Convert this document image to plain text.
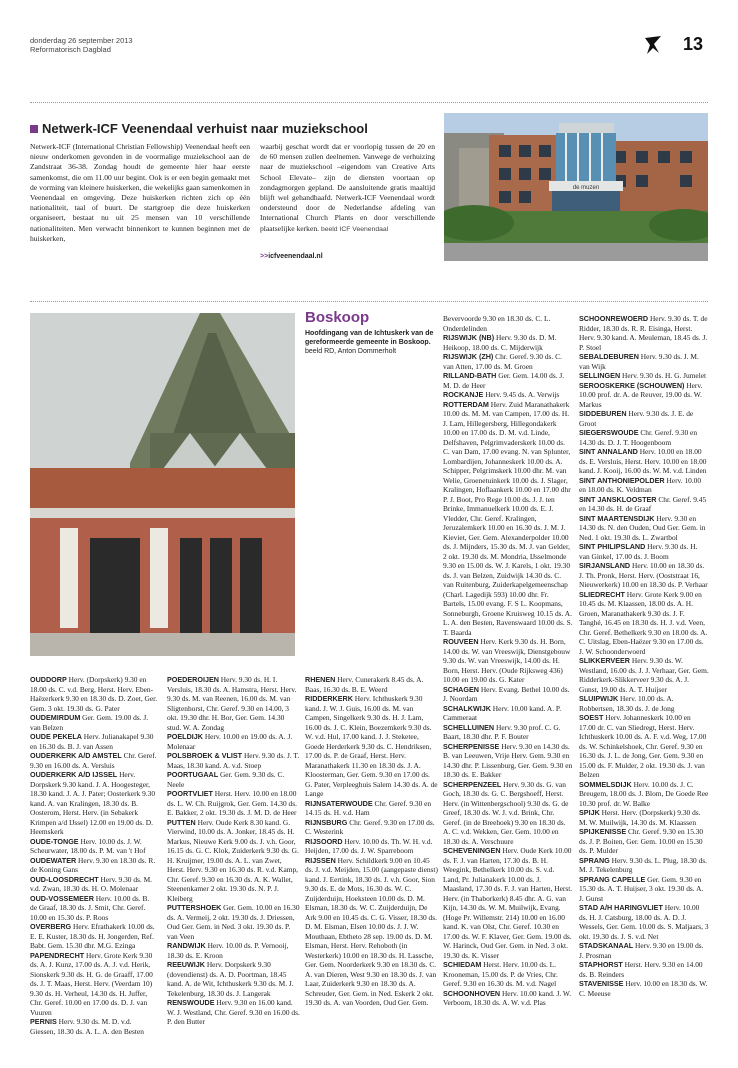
donderdag 26 september 2013
Reformatorisch Dagblad	13
Netwerk-ICF Veenendaal verhuist naar muziekschool
Netwerk-ICF (International Christian Fellowship) Veenendaal heeft een nieuw onderkomen gevonden in de voormalige muziekschool aan de Zandstraat 36-38. Zondag houdt de gemeente hier haar eerste samenkomst, die om 11.00 uur begint. Ook is er een begin gemaakt met de vorming van kleinere huiskerken, die wekelijks gaan samenkomen in Veenendaal en omgeving. Deze huiskerken richten zich op één nationaliteit, taal of buurt. De startgroep die deze huiskerken organiseert, bestaat nu uit 25 mensen van 10 verschillende nationaliteiten. Men verwacht binnenkort te kunnen beginnen met de huiskerken,
waarbij geschat wordt dat er voorlopig tussen de 20 en de 60 mensen zullen deelnemen. Vanwege de verhuizing naar de muziekschool –eigendom van Creative Arts School Elevate– zijn de diensten voortaan op zondagmorgen gepland. De aansluitende gratis maaltijd blijft wel gehandhaafd. Netwerk-ICF Veenendaal wordt ondersteund door de Nederlandse afdeling van International Church Plants en door verschillende plaatselijke kerken. beeld ICF Veenendaal
>>icfveenendaal.nl
de muzen
Boskoop
Hoofdingang van de Ichtuskerk van de gereformeerde gemeente in Boskoop. beeld RD, Anton Dommerholt

OUDDORP Herv. (Dorpskerk) 9.30 en 18.00 ds. C. v.d. Berg, Herst. Herv. Eben-Haëzerkerk 9.30 en 18.30 ds. D. Zoet, Ger. Gem. 3 okt. 19.30 ds. G. Pater

OUDEMIRDUM Ger. Gem. 19.00 ds. J. van Belzen

OUDE PEKELA Herv. Julianakapel 9.30 en 16.30 ds. B. J. van Assen

OUDERKERK A/D AMSTEL Chr. Geref. 9.30 en 16.00 ds. A. Versluis

OUDERKERK A/D IJSSEL Herv. Dorpskerk 9.30 kand. J. A. Hoogesteger, 18.30 kand. J. A. J. Pater; Oosterkerk 9.30 kand. A. van Kralingen, 18.30 ds. B. Oosterom, Herst. Herv. (in Sebakerk Krimpen a/d IJssel) 12.00 en 19.00 ds. D. Heemskerk

OUDE-TONGE Herv. 10.00 ds. J. W. Scheurwater, 18.00 ds. P. M. van 't Hof

OUDEWATER Herv. 9.30 en 18.30 ds. R. de Koning Gans

OUD-LOOSDRECHT Herv. 9.30 ds. M. v.d. Zwan, 18.30 ds. H. O. Molenaar

OUD-VOSSEMEER Herv. 10.00 ds. B. de Graaf, 18.30 ds. J. Smit, Chr. Geref. 10.00 en 15.30 ds. P. Roos

OVERBERG Herv. Efrathakerk 10.00 ds. E. E. Kuster, 18.30 ds. H. Jongerden, Ref. Babt. Gem. 15.30 dhr. M.G. Ezinga

PAPENDRECHT Herv. Grote Kerk 9.30 ds. A. J. Kunz, 17.00 ds. A. J. v.d. Herik, Sionskerk 9.30 ds. H. G. de Graaff, 17.00 ds. J. T. Maas, Herst. Herv. (Veerdam 10) 9.30 ds. H. Verheul, 14.30 ds. H. Juffer, Chr. Geref. 10.00 en 17.00 ds. D. J. van Vuuren

PERNIS Herv. 9.30 ds. M. D. v.d. Giessen, 18.30 ds. A. L. A. den Besten

POEDEROIJEN Herv. 9.30 ds. H. I. Versluis, 18.30 ds. A. Hamstra, Herst. Herv. 9.30 ds. M. van Reenen, 16.00 ds. M. van Sligtenhorst, Chr. Geref. 9.30 en 14.00, 3 okt. 19.30 dhr. H. Bor, Ger. Gem. 14.30 stud. W. A. Zondag

POELDIJK Herv. 10.00 en 19.00 ds. A. J. Molenaar

POLSBROEK & VLIST Herv. 9.30 ds. J. T. Maas, 18.30 kand. A. v.d. Stoep

POORTUGAAL Ger. Gem. 9.30 ds. C. Neele

POORTVLIET Herst. Herv. 10.00 en 18.00 ds. L. W. Ch. Ruijgrok, Ger. Gem. 14.30 ds. E. Bakker, 2 okt. 19.30 ds. J. M. D. de Heer

PUTTEN Herv. Oude Kerk 8.30 kand. G. Vierwind, 10.00 ds. A. Jonker, 18.45 ds. H. Markus, Nieuwe Kerk 9.00 ds. J. v.h. Goor, 16.15 ds. G. C. Klok, Zuiderkerk 9.30 ds. G. H. Kruijmer, 19.00 ds. A. L. van Zwet, Herst. Herv. 9.30 en 16.30 ds. R. v.d. Kamp, Chr. Geref. 9.30 en 16.30 ds. A. K. Wallet, Steenenkamer 2 okt. 19.30 ds. N. P. J. Kleiberg

PUTTERSHOEK Ger. Gem. 10.00 en 16.30 ds. A. Vermeij, 2 okt. 19.30 ds. J. Driessen, Oud Ger. Gem. in Ned. 3 okt. 19.30 ds. P. van Veen

RANDWIJK Herv. 10.00 ds. P. Vernooij, 18.30 ds. E. Kroon

REEUWIJK Herv. Dorpskerk 9.30 (dovendienst) ds. A. D. Poortman, 18.45 kand. A. de Wit, Ichthuskerk 9.30 ds. M. J. Tekelenburg, 18.30 ds. J. Langerak

RENSWOUDE Herv. 9.30 en 16.00 kand. W. J. Westland, Chr. Geref. 9.30 en 16.00 ds. P. den Butter

RHENEN Herv. Cunerakerk 8.45 ds. A. Baas, 16.30 ds. B. E. Weerd

RIDDERKERK Herv. Ichthuskerk 9.30 kand. J. W. J. Guis, 16.00 ds. M. van Campen, Singelkerk 9.30 ds. H. J. Lam, 16.00 ds. J. C. Klein, Boezemkerk 9.30 ds. W. v.d. Hul, 17.00 kand. J. J. Steketee, Goede Herderkerk 9.30 ds. C. Hendriksen, 17.00 ds. P. de Graaf, Herst. Herv. Maranathakerk 11.30 en 18.30 ds. J. A. Kloosterman, Ger. Gem. 9.30 en 17.00 ds. G. Pater, Verpleeghuis Salem 14.30 ds. A. de Lange

RIJNSATERWOUDE Chr. Geref. 9.30 en 14.15 ds. H. v.d. Ham

RIJNSBURG Chr. Geref. 9.30 en 17.00 ds. C. Westerink

RIJSOORD Herv. 10.00 ds. Th. W. H. v.d. Heijden, 17.00 ds. J. W. Sparreboom

RIJSSEN Herv. Schildkerk 9.00 en 10.45 ds. J. v.d. Meijden, 15.00 (aangepaste dienst) kand. J. Eertink, 18.30 ds. J. v.h. Goor, Sion 9.30 ds. E. de Mots, 16.30 ds. W. C. Zuijderduijn, Hoeksteen 10.00 ds. D. M. Elsman, 18.30 ds. W. C. Zuijderduijn, De Ark 9.00 en 10.45 ds. C. G. Visser, 18.30 ds. D. M. Elsman, Elsen 10.00 ds. J. J. W. Mouthaan, Ebtheto 28 sep. 19.00 ds. D. M. Elsman, Herst. Herv. Rehoboth (in Westerkerk) 10.00 en 18.30 ds. H. Lassche, Ger. Gem. Noorderkerk 9.30 en 18.30 ds. C. A. van Dieren, West 9.30 en 18.30 ds. J. van Laar, Zuiderkerk 9.30 en 18.30 ds. A. Schreuder, Ger. Gem. in Ned. Eskerk 2 okt. 19.30 ds. A. van Voorden, Oud Ger. Gem.

Bevervoorde 9.30 en 18.30 ds. C. L. Onderdelinden

RIJSWIJK (NB) Herv. 9.30 ds. D. M. Heikoop, 18.00 ds. C. Mijderwijk

RIJSWIJK (ZH) Chr. Geref. 9.30 ds. C. van Atten, 17.00 ds. M. Groen

RILLAND-BATH Ger. Gem. 14.00 ds. J. M. D. de Heer

ROCKANJE Herv. 9.45 ds. A. Verwijs

ROTTERDAM Herv. Zuid Maranathakerk 10.00 ds. M. M. van Campen, 17.00 ds. H. J. Lam, Hillegersberg, Hillegondakerk 10.00 en 17.00 ds. D. M. v.d. Linde, Delfshaven, Pelgrimvaderskerk 10.00 ds. C. van Dam, 17.00 evang. N. van Splunter, Lombardijen, Johanneskerk 10.00 ds. A. Schipper, Pelgrimskerk 10.00 dhr. M. van Welie, Groenetuinkerk 10.00 ds. J. Slager, Kralingen, Hoflaankerk 10.00 en 17.00 dhr P. J. Boot, Pro Rege 10.00 ds. J. J. ten Brinke, Immanuelkerk 10.00 ds. E. J. Vledder, Chr. Geref. Kralingen, Jeruzalemkerk 10.00 en 16.30 ds. J. M. J. Kieviet, Ger. Gem. Alexanderpolder 10.00 ds. J. Mijnders, 15.30 ds. M. J. van Gelder, 2 okt. 19.30 ds. M. Mondria, IJsselmonde 9.30 en 15.00 ds. W. J. Karels, 1 okt. 19.30 ds. J. van Belzen, Zuidwijk 14.30 ds. C. van Ruitenburg, Zuiderkapelgemeenschap (Charl. Lagedijk 593) 10.00 dhr. Fr. Bartels, 15.00 evang. F. S L. Koopmans, Sonneburgh, Groene Kruisweg 10.15 ds. A. L. A. den Besten, Ravenswaard 10.00 ds. S. T. Baarda

ROUVEEN Herv. Kerk 9.30 ds. H. Born, 14.00 ds. W. van Vreeswijk, Dienstgebouw 9.30 ds. W. van Vreeswijk, 14.00 ds. H. Born, Herst. Herv. (Oude Rijksweg 436) 10.00 en 19.00 ds. G. Kater

SCHAGEN Herv. Evang. Bethel 10.00 ds. J. Noordam

SCHALKWIJK Herv. 10.00 kand. A. P. Cammeraat

SCHELLUINEN Herv. 9.30 prof. C. G. Baart, 18.30 dhr. P. F. Bouter

SCHERPENISSE Herv. 9.30 en 14.30 ds. B. van Leeuwen, Vrije Herv. Gem. 9.30 en 14.30 dhr. P. Lissenburg, Ger. Gem. 9.30 en 18.30 ds. E. Bakker

SCHERPENZEEL Herv. 9.30 ds. G. van Goch, 18.30 ds. G. C. Bergshoeff, Herst. Herv. (in Wittenbergschool) 9.30 ds. G. de Greef, 18.30 ds. W. J. v.d. Brink, Chr. Geref. (in de Breehoek) 9.30 en 18.30 ds. A. C. v.d. Wekken, Ger. Gem. 10.00 en 18.30 ds. A. Verschuure

SCHEVENINGEN Herv. Oude Kerk 10.00 ds. F. J. van Harten, 17.30 ds. B. H. Weegink, Bethelkerk 10.00 ds. S. v.d. Land, Pr. Julianakerk 10.00 ds. J. Maasland, 17.30 ds. F. J. van Harten, Herst. Herv. (in Thaborkerk) 8.45 dhr. A. G. van Kijn, 14.30 ds. W. M. Muilwijk, Evang. (Hoge Pr. Willemstr. 214) 10.00 en 16.00 kand. K. van Olst, Chr. Geref. 10.30 en 17.00 ds. W. F. Klaver, Ger. Gem. 19.00 ds. W. Harinck, Oud Ger. Gem. in Ned. 3 okt. 19.30 ds. K. Visser

SCHIEDAM Herst. Herv. 10.00 ds. L. Krooneman, 15.00 ds. P. de Vries, Chr. Geref. 9.30 en 16.30 ds. M. v.d. Nagel

SCHOONHOVEN Herv. 10.00 kand. J. W. Verboom, 18.30 ds. A. W. v.d. Plas

SCHOONREWOERD Herv. 9.30 ds. T. de Ridder, 18.30 ds. R. R. Eisinga, Herst. Herv. 9.30 kand. A. Meuleman, 18.45 ds. J. P. Stoel

SEBALDEBUREN Herv. 9.30 ds. J. M. van Wijk

SELLINGEN Herv. 9.30 ds. H. G. Jumelet

SEROOSKERKE (SCHOUWEN) Herv. 10.00 prof. dr. A. de Reuver, 19.00 ds. W. Markus

SIDDEBUREN Herv. 9.30 ds. J. E. de Groot

SIEGERSWOUDE Chr. Geref. 9.30 en 14.30 ds. D. J. T. Hoogenboom

SINT ANNALAND Herv. 10.00 en 18.00 ds. E. Versluis, Herst. Herv. 10.00 en 18.00 kand. J. Kooij, 16.00 ds. W. M. v.d. Linden

SINT ANTHONIEPOLDER Herv. 10.00 en 18.00 ds. K. Veldman

SINT JANSKLOOSTER Chr. Geref. 9.45 en 14.30 ds. H. de Graaf

SINT MAARTENSDIJK Herv. 9.30 en 14.30 ds. N. den Ouden, Oud Ger. Gem. in Ned. 1 okt. 19.30 ds. L. Zwartbol

SINT PHILIPSLAND Herv. 9.30 ds. H. van Ginkel, 17.00 ds. J. Boom

SIRJANSLAND Herv. 10.00 en 18.30 ds. J. Th. Pronk, Herst. Herv. (Ooststraat 16, Nieuwerkerk) 10.00 en 18.30 ds. P. Verhaar

SLIEDRECHT Herv. Grote Kerk 9.00 en 10.45 ds. M. Klaassen, 18.00 ds. A. H. Groen, Maranathakerk 9.30 ds. J. F. Tanghé, 16.45 en 18.30 ds. H. J. v.d. Veen, Chr. Geref. Bethelkerk 9.30 en 18.00 ds. A. C. Uitslag, Eben-Haëzer 9.30 en 17.00 ds. J. W. Schoonderwoerd

SLIKKERVEER Herv. 9.30 ds. W. Westland, 16.00 ds. J. J. Verhaar, Ger. Gem. Ridderkerk-Slikkerveer 9.30 ds. A. J. Gunst, 19.00 ds. A. T. Huijser

SLUIPWIJK Herv. 10.00 ds. A. Robbertsen, 18.30 ds. J. de Jong

SOEST Herv. Johanneskerk 10.00 en 17.00 dr. C. van Sliedregt, Herst. Herv. Ichthuskerk 10.00 ds. A. F. v.d. Weg, 17.00 ds. W. Schinkelshoek, Chr. Geref. 9.30 en 16.30 ds. J. L. de Jong, Ger. Gem. 9.30 en 15.00 ds. F. Mulder, 2 okt. 19.30 ds. J. van Belzen

SOMMELSDIJK Herv. 10.00 ds. J. C. Breugem, 18.00 ds. J. Blom, De Goede Ree 10.30 prof. dr. W. Balke

SPIJK Herst. Herv. (Dorpskerk) 9.30 ds. M. W. Muilwijk, 14.30 ds. M. Klaassen

SPIJKENISSE Chr. Geref. 9.30 en 15.30 ds. J. P. Boiten, Ger. Gem. 10.00 en 15.30 ds. P. Mulder

SPRANG Herv. 9.30 ds. L. Plug, 18.30 ds. M. J. Tekelenburg

SPRANG CAPELLE Ger. Gem. 9.30 en 15.30 ds. A. T. Huijser, 3 okt. 19.30 ds. A. J. Gunst

STAD A/H HARINGVLIET Herv. 10.00 ds. H. J. Catsburg, 18.00 ds. A. D. J. Wessels, Ger. Gem. 10.00 ds. S. Maljaars, 3 okt. 19.30 ds. J. S. v.d. Net

STADSKANAAL Herv. 9.30 en 19.00 ds. J. Prosman

STAPHORST Herst. Herv. 9.30 en 14.00 ds. B. Reinders

STAVENISSE Herv. 10.00 en 18.30 ds. W. C. Meeuse
